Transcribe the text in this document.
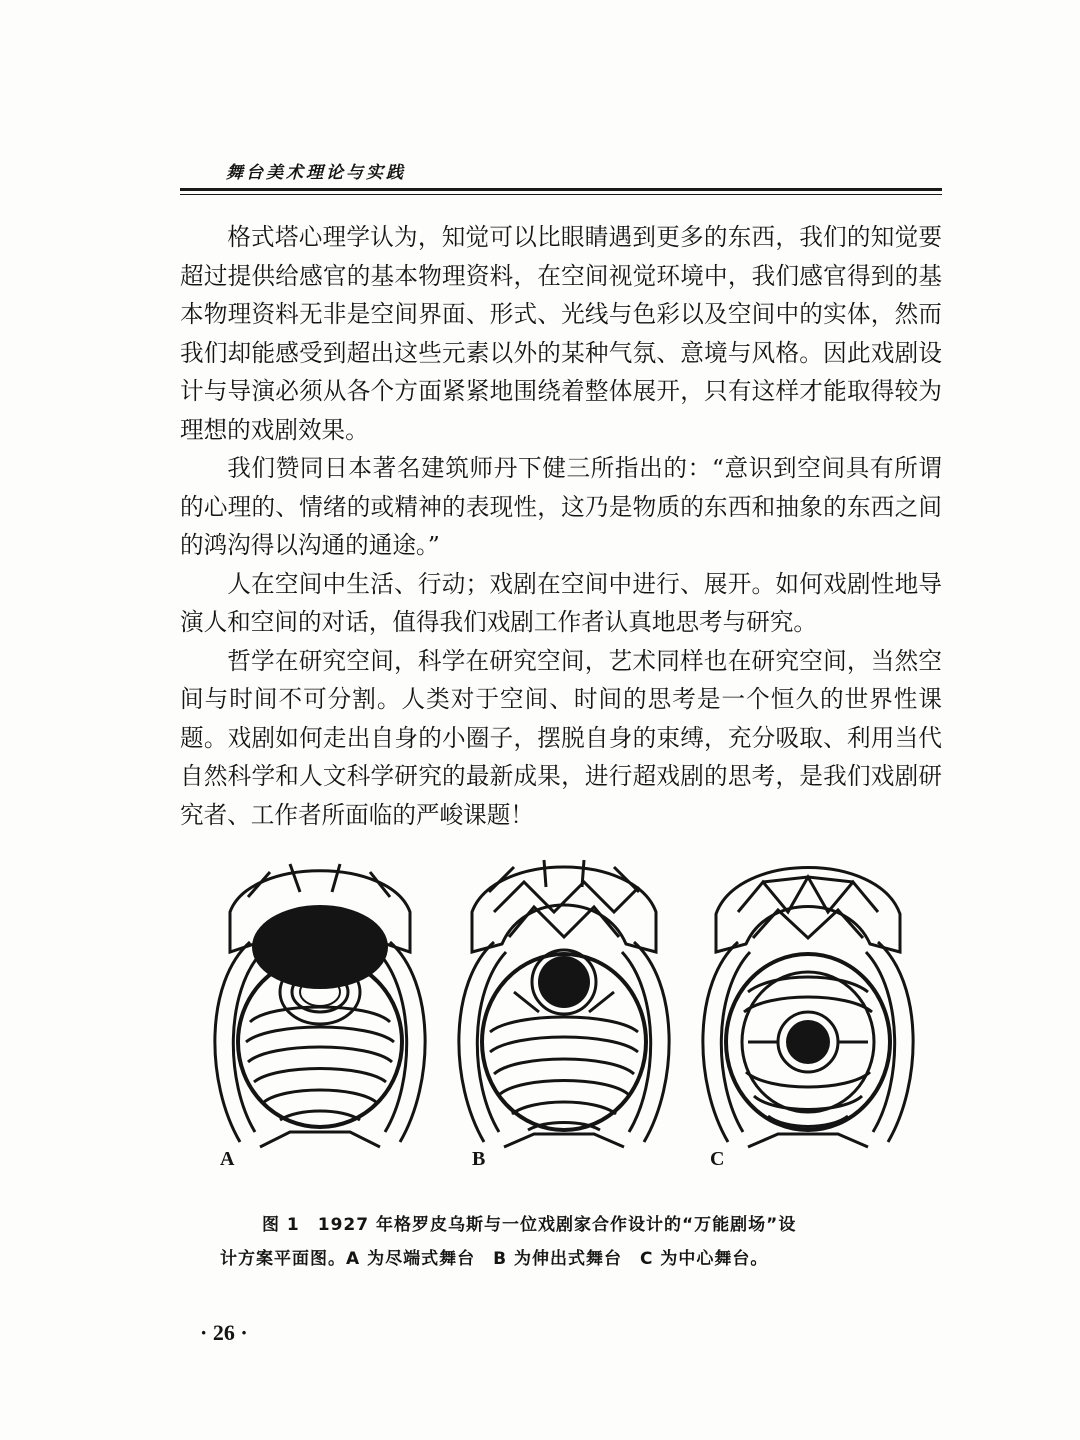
舞台美术理论与实践

格式塔心理学认为，知觉可以比眼睛遇到更多的东西，我们的知觉要超过提供给感官的基本物理资料，在空间视觉环境中，我们感官得到的基本物理资料无非是空间界面、形式、光线与色彩以及空间中的实体，然而我们却能感受到超出这些元素以外的某种气氛、意境与风格。因此戏剧设计与导演必须从各个方面紧紧地围绕着整体展开，只有这样才能取得较为理想的戏剧效果。

我们赞同日本著名建筑师丹下健三所指出的：“意识到空间具有所谓的心理的、情绪的或精神的表现性，这乃是物质的东西和抽象的东西之间的鸿沟得以沟通的通途。”

人在空间中生活、行动；戏剧在空间中进行、展开。如何戏剧性地导演人和空间的对话，值得我们戏剧工作者认真地思考与研究。

哲学在研究空间，科学在研究空间，艺术同样也在研究空间，当然空间与时间不可分割。人类对于空间、时间的思考是一个恒久的世界性课题。戏剧如何走出自身的小圈子，摆脱自身的束缚，充分吸取、利用当代自然科学和人文科学研究的最新成果，进行超戏剧的思考，是我们戏剧研究者、工作者所面临的严峻课题！

A	B	C
图 1　1927 年格罗皮乌斯与一位戏剧家合作设计的“万能剧场”设
计方案平面图。A 为尽端式舞台　B 为伸出式舞台　C 为中心舞台。
· 26 ·
